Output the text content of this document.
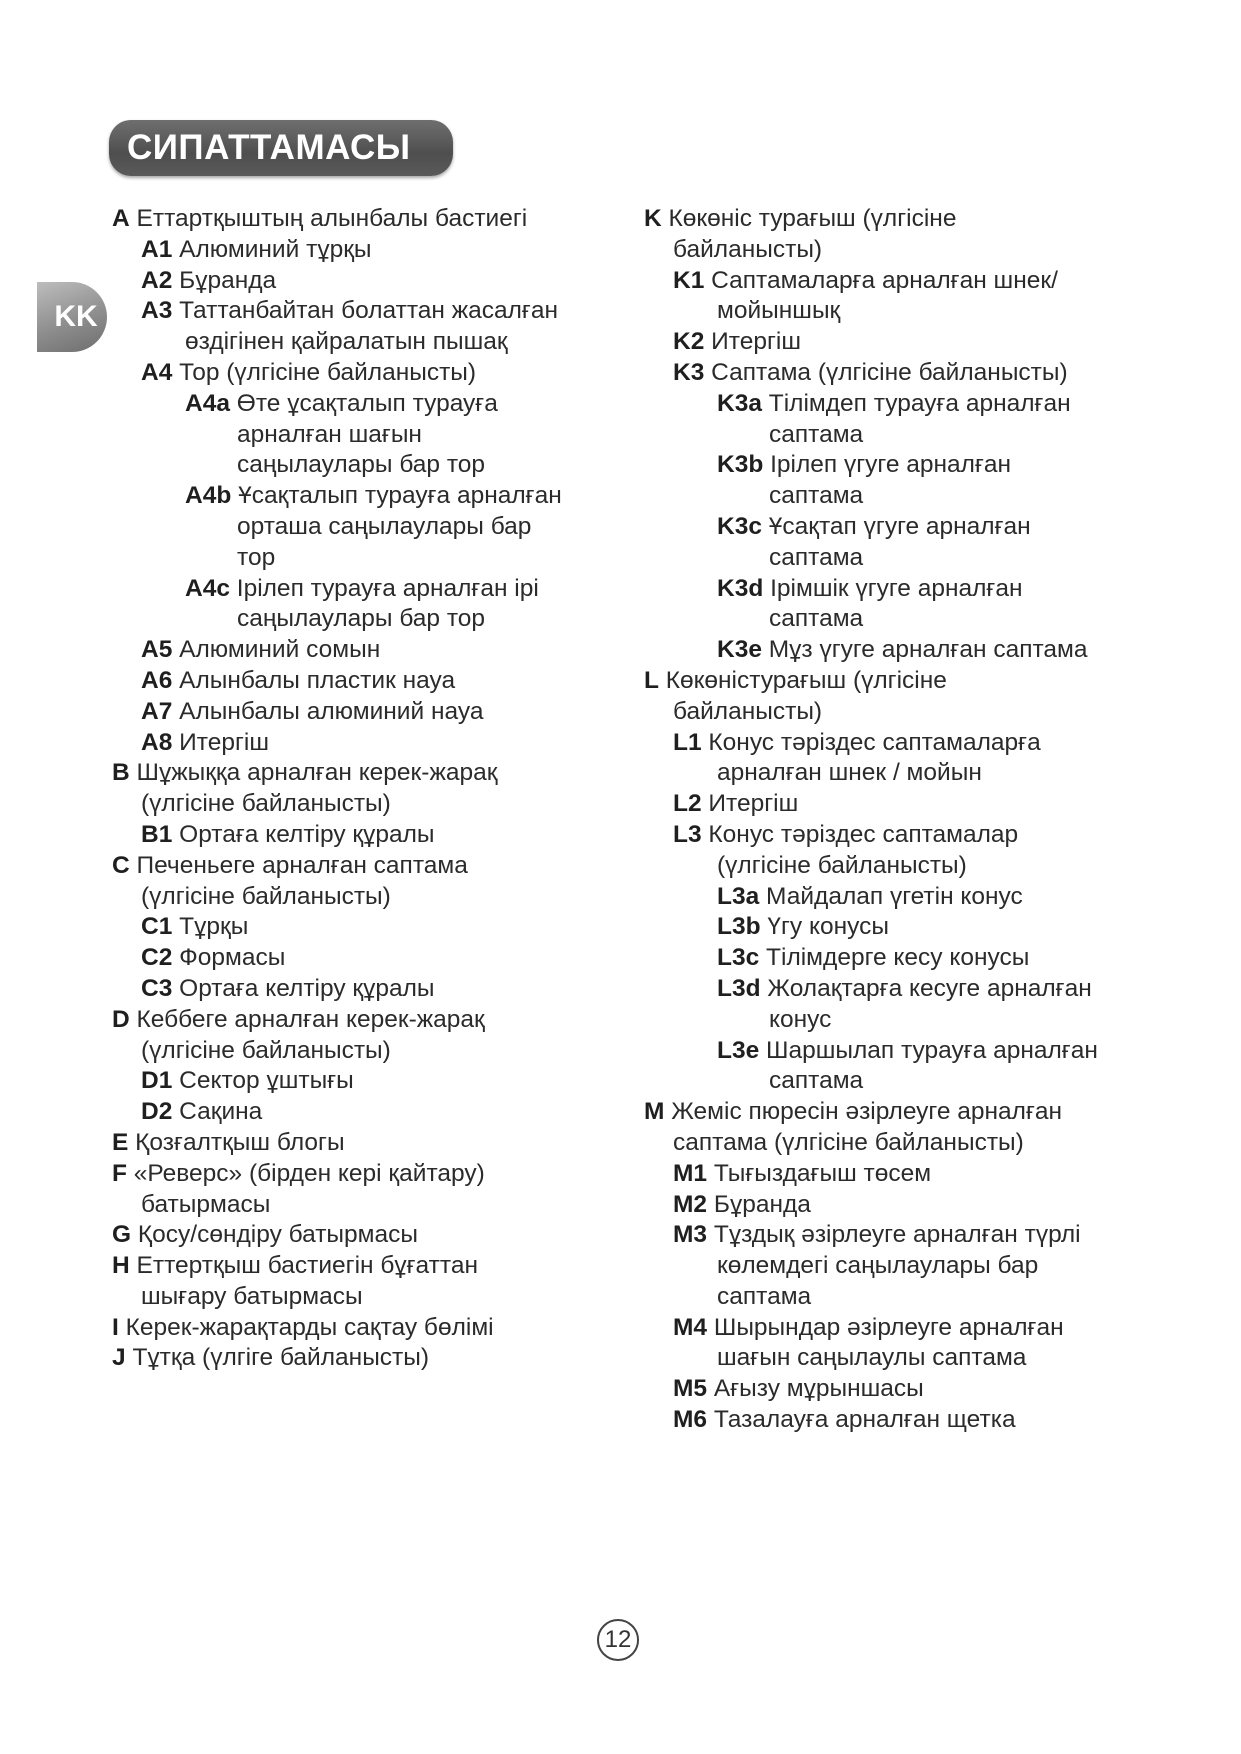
СИПАТТАМАСЫ
KK
A Еттартқыштың алынбалы бастиегі
A1 Алюминий тұрқы
A2 Бұранда
A3 Таттанбайтан болаттан жасалған
өздігінен қайралатын пышақ
A4 Тор (үлгісіне байланысты)
A4a Өте ұсақталып турауға
арналған шағын
саңылаулары бар тор
A4b Ұсақталып турауға арналған
орташа саңылаулары бар
тор
A4c Ірілеп турауға арналған ірі
саңылаулары бар тор
A5 Алюминий сомын
A6 Алынбалы пластик науа
A7 Алынбалы алюминий науа
A8 Итергіш
B Шұжыққа арналған керек-жарақ
(үлгісіне байланысты)
B1 Ортаға келтіру құралы
C Печеньеге арналған саптама
(үлгісіне байланысты)
C1 Тұрқы
C2 Формасы
C3 Ортаға келтіру құралы
D Кеббеге арналған керек-жарақ
(үлгісіне байланысты)
D1 Сектор ұштығы
D2 Сақина
E Қозғалтқыш блогы
F «Реверс» (бірден кері қайтару)
батырмасы
G Қосу/сөндіру батырмасы
H Еттертқыш бастиегін бұғаттан
шығару батырмасы
I Керек-жарақтарды сақтау бөлімі
J Тұтқа (үлгіге байланысты)
K Көкөніс турағыш (үлгісіне
байланысты)
K1 Саптамаларға арналған шнек/
мойыншық
K2 Итергіш
K3 Саптама (үлгісіне байланысты)
K3a Тілімдеп турауға арналған
саптама
K3b Ірілеп үгуге арналған
саптама
K3c Ұсақтап үгуге арналған
саптама
K3d Ірімшік үгуге арналған
саптама
K3e Мұз үгуге арналған саптама
L Көкөністурағыш (үлгісіне
байланысты)
L1 Конус тәріздес саптамаларға
арналған шнек / мойын
L2 Итергіш
L3 Конус тәріздес саптамалар
(үлгісіне байланысты)
L3a Майдалап үгетін конус
L3b Үгу конусы
L3c Тілімдерге кесу конусы
L3d Жолақтарға кесуге арналған
конус
L3e Шаршылап турауға арналған
саптама
M Жеміс пюресін әзірлеуге арналған
саптама (үлгісіне байланысты)
M1 Тығыздағыш төсем
M2 Бұранда
M3 Тұздық әзірлеуге арналған түрлі
көлемдегі саңылаулары бар
саптама
M4 Шырындар әзірлеуге арналған
шағын саңылаулы саптама
M5 Ағызу мұрыншасы
M6 Тазалауға арналған щетка
12
